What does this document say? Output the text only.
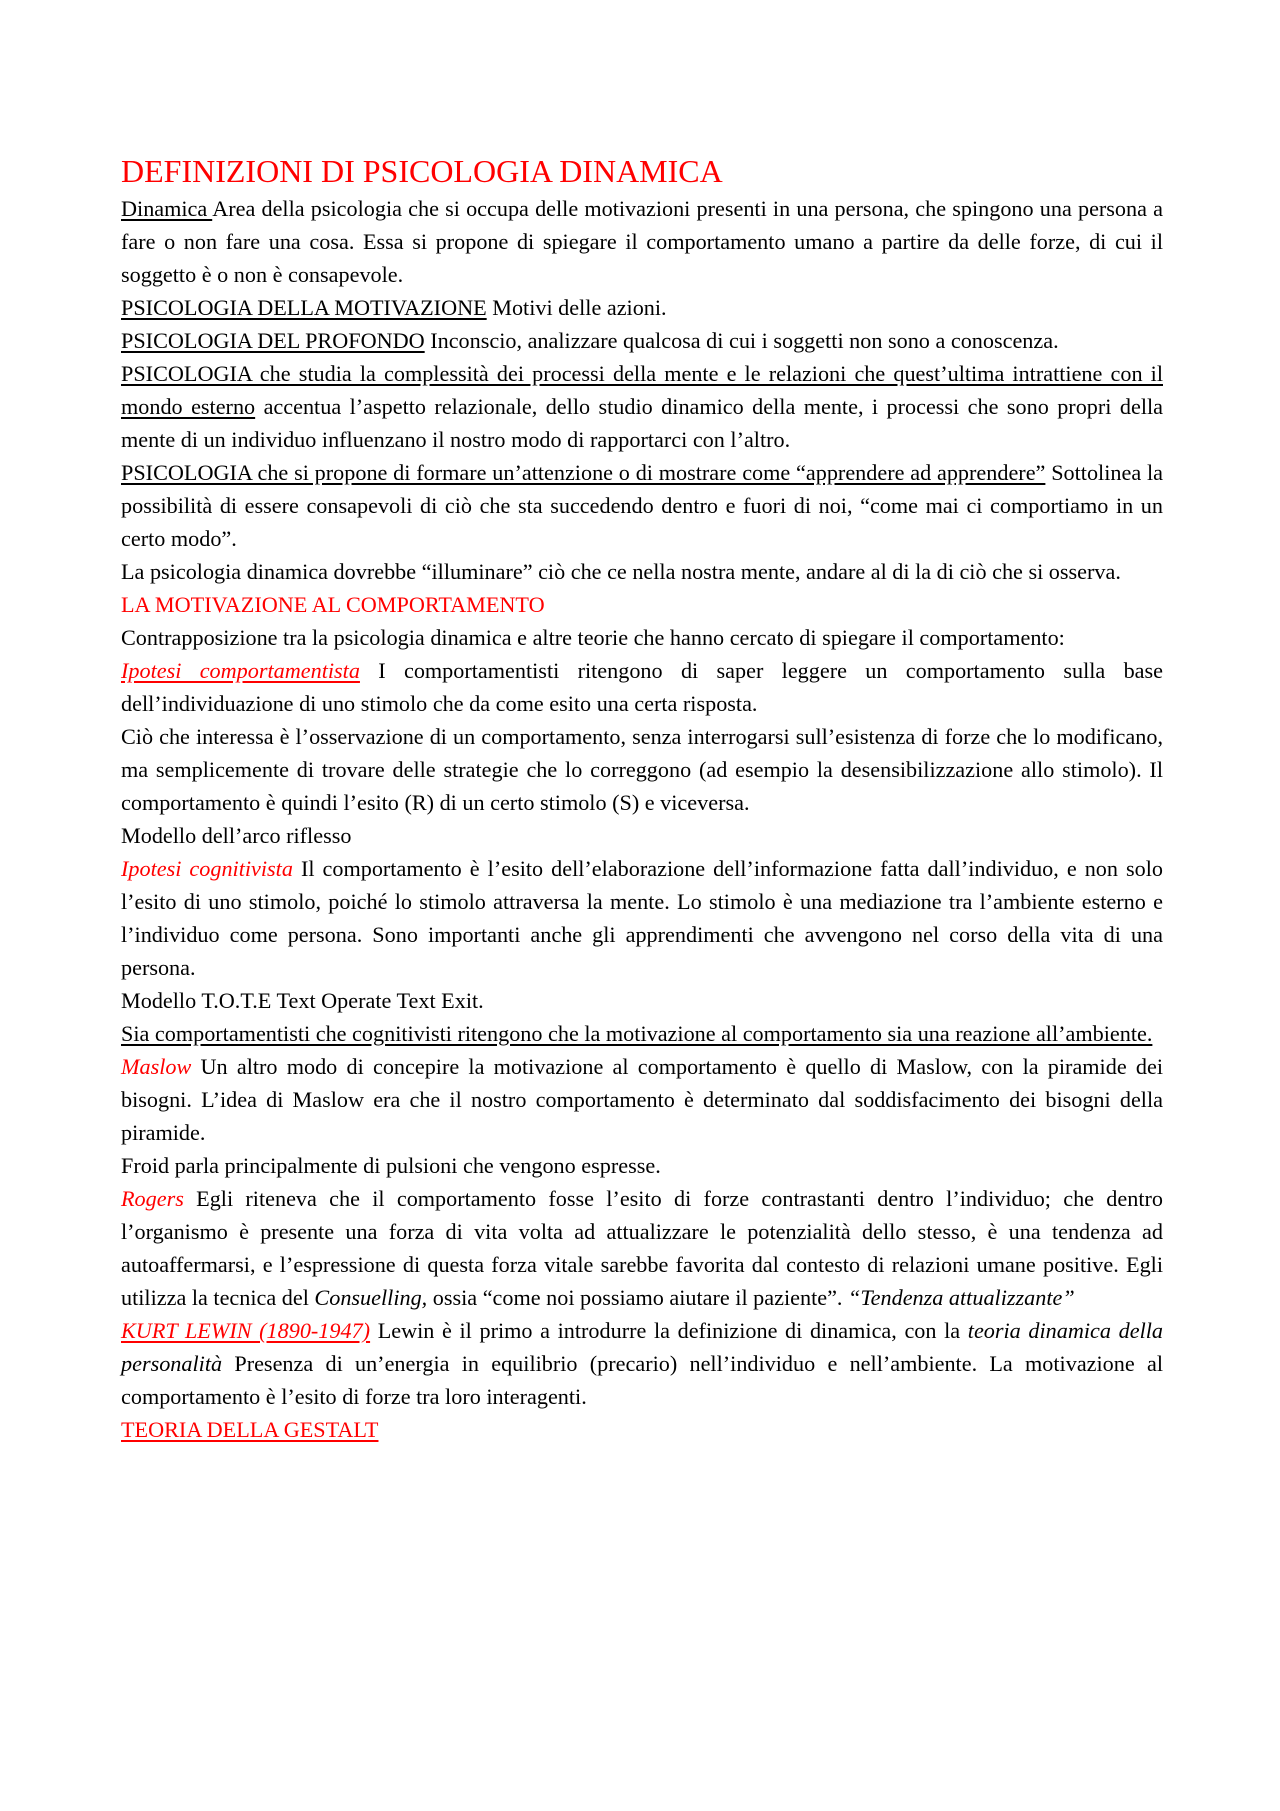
DEFINIZIONI DI PSICOLOGIA DINAMICA

Dinamica Area della psicologia che si occupa delle motivazioni presenti in una persona, che spingono una persona a fare o non fare una cosa. Essa si propone di spiegare il comportamento umano a partire da delle forze, di cui il soggetto è o non è consapevole.

PSICOLOGIA DELLA MOTIVAZIONE Motivi delle azioni.

PSICOLOGIA DEL PROFONDO Inconscio, analizzare qualcosa di cui i soggetti non sono a conoscenza.

PSICOLOGIA che studia la complessità dei processi della mente e le relazioni che quest’ultima intrattiene con il mondo esterno accentua l’aspetto relazionale, dello studio dinamico della mente, i processi che sono propri della mente di un individuo influenzano il nostro modo di rapportarci con l’altro.

PSICOLOGIA che si propone di formare un’attenzione o di mostrare come “apprendere ad apprendere” Sottolinea la possibilità di essere consapevoli di ciò che sta succedendo dentro e fuori di noi, “come mai ci comportiamo in un certo modo”.

La psicologia dinamica dovrebbe “illuminare” ciò che ce nella nostra mente, andare al di la di ciò che si osserva.

LA MOTIVAZIONE AL COMPORTAMENTO

Contrapposizione tra la psicologia dinamica e altre teorie che hanno cercato di spiegare il comportamento:

Ipotesi comportamentista I comportamentisti ritengono di saper leggere un comportamento sulla base dell’individuazione di uno stimolo che da come esito una certa risposta.

Ciò che interessa è l’osservazione di un comportamento, senza interrogarsi sull’esistenza di forze che lo modificano, ma semplicemente di trovare delle strategie che lo correggono (ad esempio la desensibilizzazione allo stimolo). Il comportamento è quindi l’esito (R) di un certo stimolo (S) e viceversa.

Modello dell’arco riflesso

Ipotesi cognitivista Il comportamento è l’esito dell’elaborazione dell’informazione fatta dall’individuo, e non solo l’esito di uno stimolo, poiché lo stimolo attraversa la mente. Lo stimolo è una mediazione tra l’ambiente esterno e l’individuo come persona. Sono importanti anche gli apprendimenti che avvengono nel corso della vita di una persona.

Modello T.O.T.E Text Operate Text Exit.

Sia comportamentisti che cognitivisti ritengono che la motivazione al comportamento sia una reazione all’ambiente.

Maslow Un altro modo di concepire la motivazione al comportamento è quello di Maslow, con la piramide dei bisogni. L’idea di Maslow era che il nostro comportamento è determinato dal soddisfacimento dei bisogni della piramide.

Froid parla principalmente di pulsioni che vengono espresse.

Rogers Egli riteneva che il comportamento fosse l’esito di forze contrastanti dentro l’individuo; che dentro l’organismo è presente una forza di vita volta ad attualizzare le potenzialità dello stesso, è una tendenza ad autoaffermarsi, e l’espressione di questa forza vitale sarebbe favorita dal contesto di relazioni umane positive. Egli utilizza la tecnica del Consuelling, ossia “come noi possiamo aiutare il paziente”. “Tendenza attualizzante”

KURT LEWIN (1890-1947) Lewin è il primo a introdurre la definizione di dinamica, con la teoria dinamica della personalità Presenza di un’energia in equilibrio (precario) nell’individuo e nell’ambiente. La motivazione al comportamento è l’esito di forze tra loro interagenti.

TEORIA DELLA GESTALT
